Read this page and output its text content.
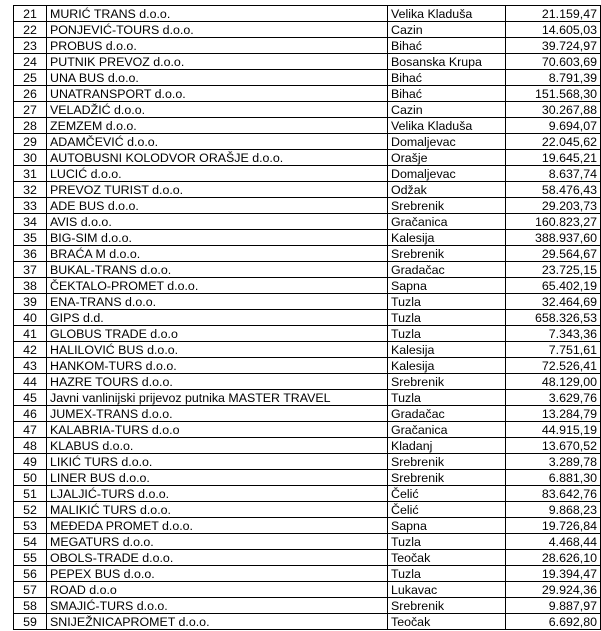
21	MURIĆ TRANS d.o.o.	Velika Kladuša	21.159,47
22	PONJEVIĆ-TOURS d.o.o.	Cazin	14.605,03
23	PROBUS d.o.o.	Bihać	39.724,97
24	PUTNIK PREVOZ d.o.o.	Bosanska Krupa	70.603,69
25	UNA BUS d.o.o.	Bihać	8.791,39
26	UNATRANSPORT d.o.o.	Bihać	151.568,30
27	VELADŽIĆ d.o.o.	Cazin	30.267,88
28	ZEMZEM d.o.o.	Velika Kladuša	9.694,07
29	ADAMČEVIĆ d.o.o.	Domaljevac	22.045,62
30	AUTOBUSNI KOLODVOR ORAŠJE d.o.o.	Orašje	19.645,21
31	LUCIĆ d.o.o.	Domaljevac	8.637,74
32	PREVOZ TURIST d.o.o.	Odžak	58.476,43
33	ADE BUS d.o.o.	Srebrenik	29.203,73
34	AVIS d.o.o.	Gračanica	160.823,27
35	BIG-SIM d.o.o.	Kalesija	388.937,60
36	BRAĆA M d.o.o.	Srebrenik	29.564,67
37	BUKAL-TRANS d.o.o.	Gradačac	23.725,15
38	ČEKTALO-PROMET d.o.o.	Sapna	65.402,19
39	ENA-TRANS d.o.o.	Tuzla	32.464,69
40	GIPS d.d.	Tuzla	658.326,53
41	GLOBUS TRADE d.o.o	Tuzla	7.343,36
42	HALILOVIĆ BUS d.o.o.	Kalesija	7.751,61
43	HANKOM-TURS d.o.o.	Kalesija	72.526,41
44	HAZRE TOURS d.o.o.	Srebrenik	48.129,00
45	Javni vanlinijski prijevoz putnika MASTER TRAVEL	Tuzla	3.629,76
46	JUMEX-TRANS d.o.o.	Gradačac	13.284,79
47	KALABRIA-TURS d.o.o	Gračanica	44.915,19
48	KLABUS d.o.o.	Kladanj	13.670,52
49	LIKIĆ TURS d.o.o.	Srebrenik	3.289,78
50	LINER BUS d.o.o.	Srebrenik	6.881,30
51	LJALJIĆ-TURS d.o.o.	Čelić	83.642,76
52	MALIKIĆ TURS d.o.o.	Čelić	9.868,23
53	MEĐEDA PROMET d.o.o.	Sapna	19.726,84
54	MEGATURS d.o.o.	Tuzla	4.468,44
55	OBOLS-TRADE d.o.o.	Teočak	28.626,10
56	PEPEX BUS d.o.o.	Tuzla	19.394,47
57	ROAD d.o.o	Lukavac	29.924,36
58	SMAJIĆ-TURS d.o.o.	Srebrenik	9.887,97
59	SNIJEŽNICAPROMET d.o.o.	Teočak	6.692,80
